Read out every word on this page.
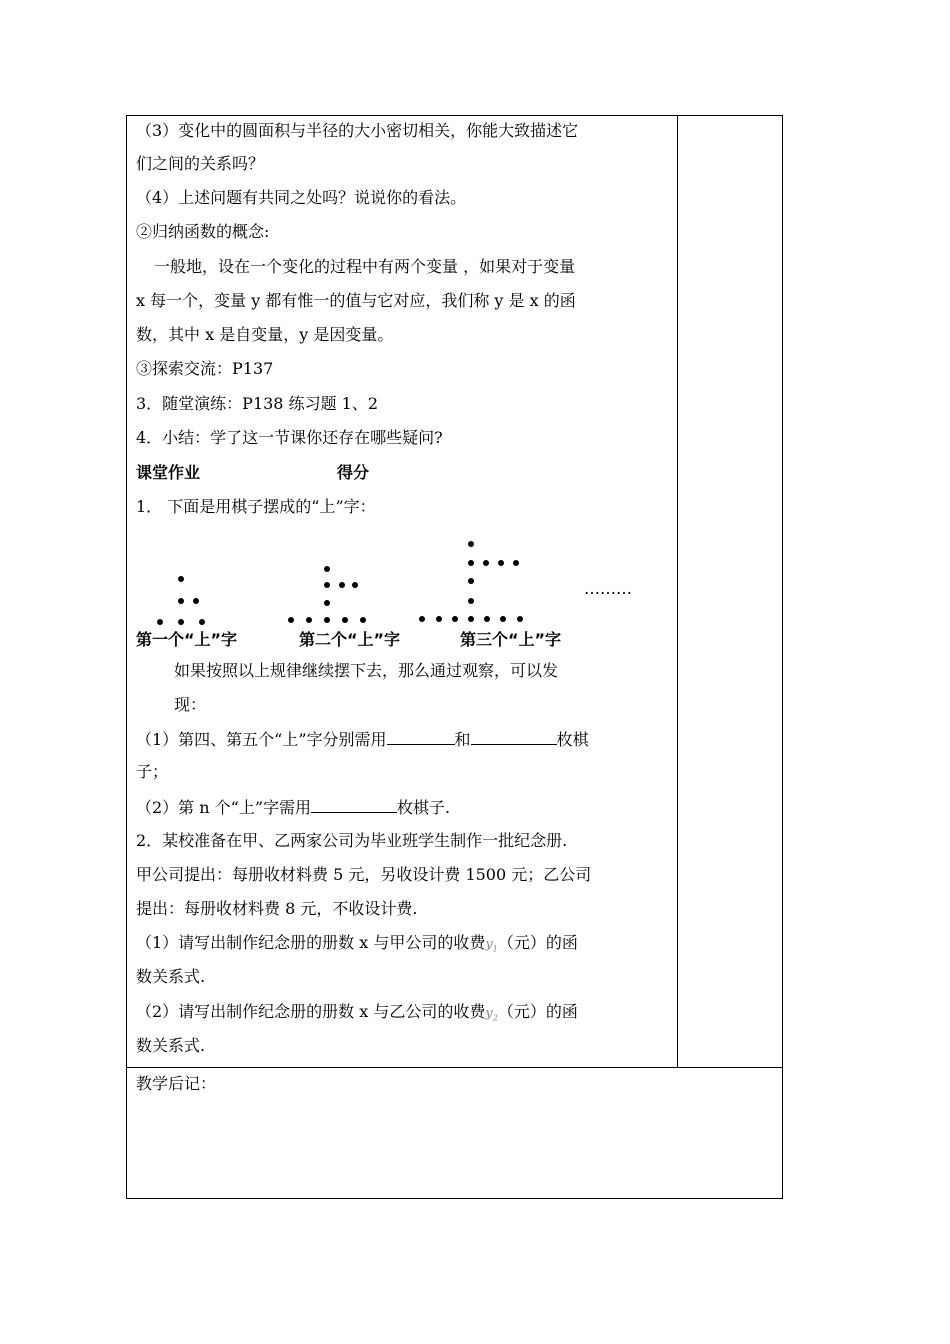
（3）变化中的圆面积与半径的大小密切相关，你能大致描述它
们之间的关系吗？
（4）上述问题有共同之处吗？说说你的看法。
②归纳函数的概念:
一般地，设在一个变化的过程中有两个变量 ，如果对于变量
x 每一个，变量 y 都有惟一的值与它对应，我们称 y 是 x 的函
数，其中 x 是自变量，y 是因变量。
③探索交流：P137
3．随堂演练：P138 练习题 1、2
4．小结：学了这一节课你还存在哪些疑问?
课堂作业	得分
1． 下面是用棋子摆成的“上”字：
………
第一个“上”字	第二个“上”字	第三个“上”字
如果按照以上规律继续摆下去，那么通过观察，可以发
现：
（1）第四、第五个“上”字分别需用	和	枚棋
子；
（2）第 n 个“上”字需用	枚棋子.
2．某校准备在甲、乙两家公司为毕业班学生制作一批纪念册.
甲公司提出：每册收材料费 5 元，另收设计费 1500 元；乙公司
提出：每册收材料费 8 元，不收设计费.
（1）请写出制作纪念册的册数 x 与甲公司的收费$y_1$（元）的函
数关系式.
（2）请写出制作纪念册的册数 x 与乙公司的收费$y_2$（元）的函
数关系式.
教学后记：
